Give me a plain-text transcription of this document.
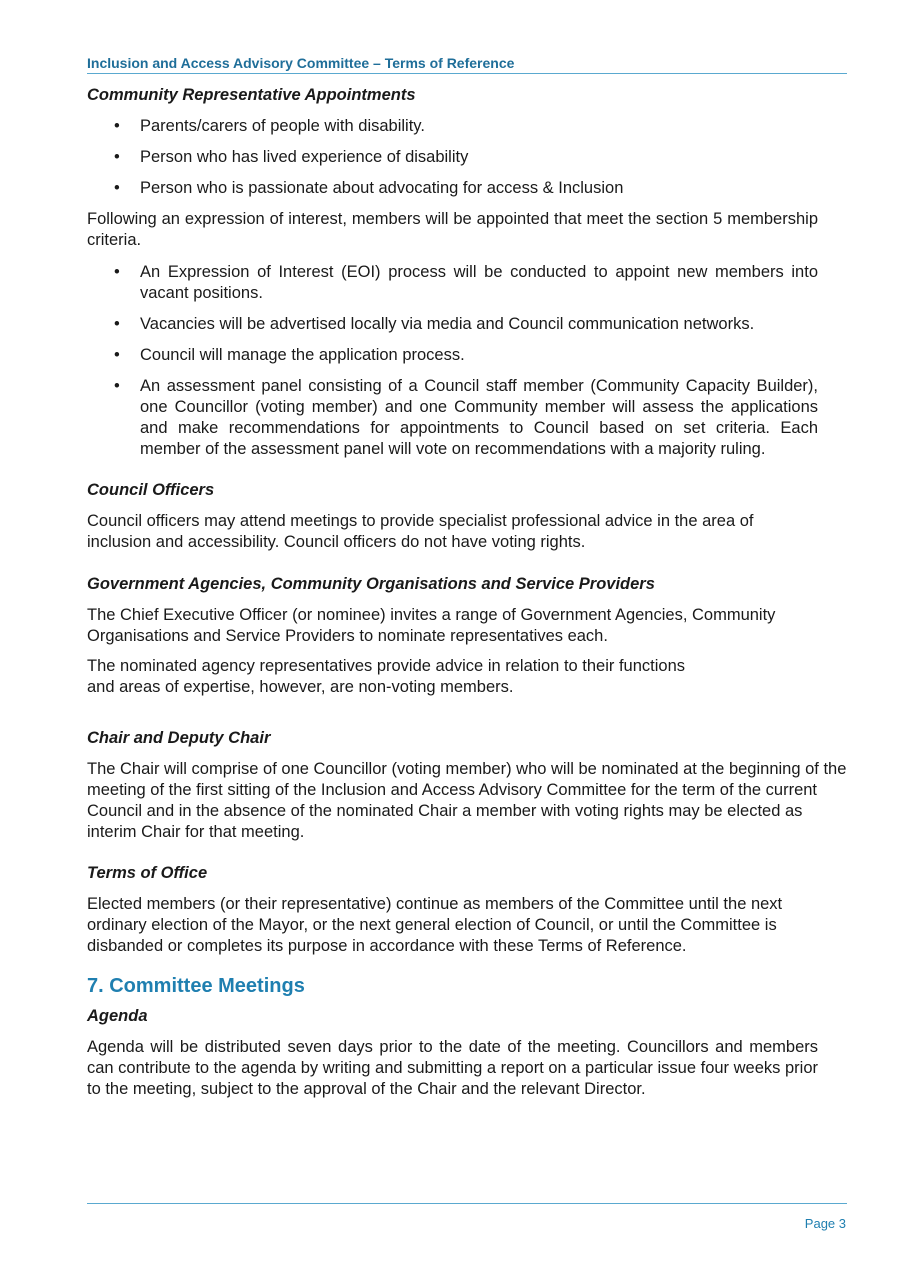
Inclusion and Access Advisory Committee – Terms of Reference
Community Representative Appointments
• Parents/carers of people with disability.
• Person who has lived experience of disability
• Person who is passionate about advocating for access & Inclusion

Following an expression of interest, members will be appointed that meet the section 5 membership criteria.

• An Expression of Interest (EOI) process will be conducted to appoint new members into vacant positions.
• Vacancies will be advertised locally via media and Council communication networks.
• Council will manage the application process.
• An assessment panel consisting of a Council staff member (Community Capacity Builder), one Councillor (voting member) and one Community member will assess the applications and make recommendations for appointments to Council based on set criteria. Each member of the assessment panel will vote on recommendations with a majority ruling.
Council Officers

Council officers may attend meetings to provide specialist professional advice in the area of inclusion and accessibility. Council officers do not have voting rights.

Government Agencies, Community Organisations and Service Providers

The Chief Executive Officer (or nominee) invites a range of Government Agencies, Community Organisations and Service Providers to nominate representatives each.

The nominated agency representatives provide advice in relation to their functions
and areas of expertise, however, are non-voting members.

Chair and Deputy Chair

The Chair will comprise of one Councillor (voting member) who will be nominated at the beginning of the meeting of the first sitting of the Inclusion and Access Advisory Committee for the term of the current Council and in the absence of the nominated Chair a member with voting rights may be elected as interim Chair for that meeting.

Terms of Office

Elected members (or their representative) continue as members of the Committee until the next ordinary election of the Mayor, or the next general election of Council, or until the Committee is disbanded or completes its purpose in accordance with these Terms of Reference.

7. Committee Meetings
Agenda

Agenda will be distributed seven days prior to the date of the meeting. Councillors and members can contribute to the agenda by writing and submitting a report on a particular issue four weeks prior to the meeting, subject to the approval of the Chair and the relevant Director.

Page 3
